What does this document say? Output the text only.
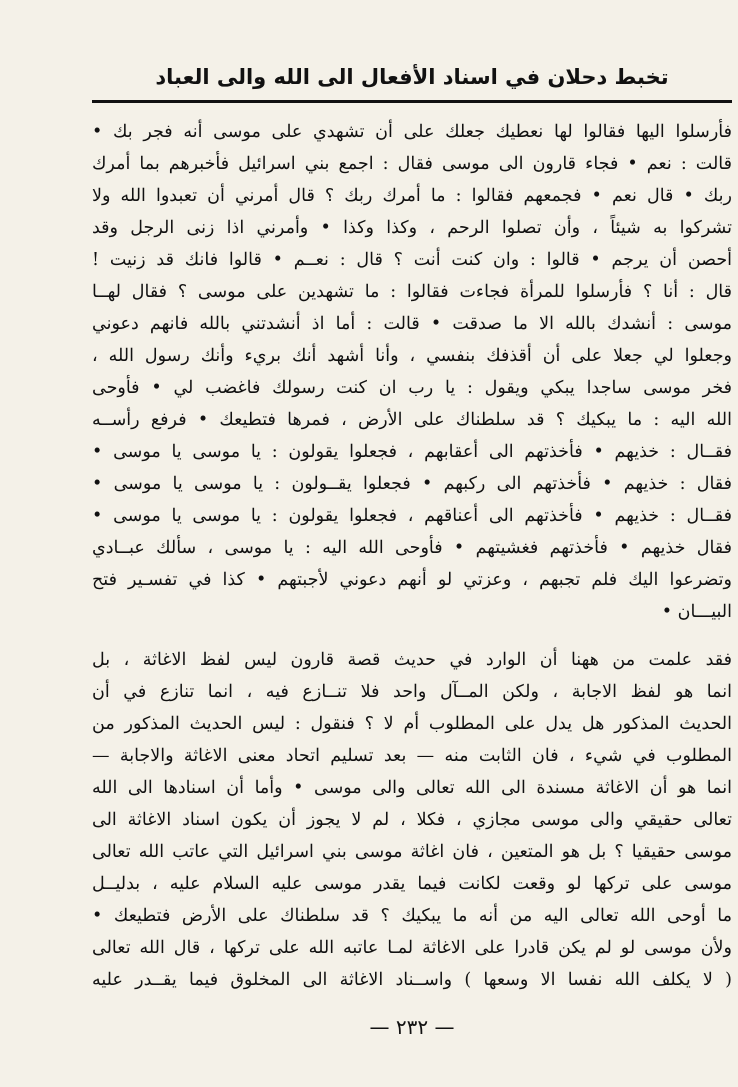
تخبط دحلان في اسناد الأفعال الى الله والى العباد
فأرسلوا اليها فقالوا لها نعطيك جعلك على أن تشهدي على موسى أنه فجر بك •
قالت : نعم • فجاء قارون الى موسى فقال : اجمع بني اسرائيل فأخبرهم بما أمرك
ربك • قال نعم • فجمعهم فقالوا : ما أمرك ربك ؟ قال أمرني أن تعبدوا الله ولا
تشركوا به شيئاً ، وأن تصلوا الرحم ، وكذا وكذا • وأمرني اذا زنى الرجل وقد
أحصن أن يرجم • قالوا : وان كنت أنت ؟ قال : نعــم • قالوا فانك قد زنيت !
قال : أنا ؟ فأرسلوا للمرأة فجاءت فقالوا : ما تشهدين على موسى ؟ فقال لهــا
موسى : أنشدك بالله الا ما صدقت • قالت : أما اذ أنشدتني بالله فانهم دعوني
وجعلوا لي جعلا على أن أقذفك بنفسي ، وأنا أشهد أنك بريء وأنك رسول الله ،
فخر موسى ساجدا يبكي ويقول : يا رب ان كنت رسولك فاغضب لي • فأوحى
الله اليه : ما يبكيك ؟ قد سلطناك على الأرض ، فمرها فتطيعك • فرفع رأســه
فقــال : خذيهم • فأخذتهم الى أعقابهم ، فجعلوا يقولون : يا موسى يا موسى •
فقال : خذيهم • فأخذتهم الى ركبهم • فجعلوا يقــولون : يا موسى يا موسى •
فقــال : خذيهم • فأخذتهم الى أعناقهم ، فجعلوا يقولون : يا موسى يا موسى •
فقال خذيهم • فأخذتهم فغشيتهم • فأوحى الله اليه : يا موسى ، سألك عبــادي
وتضرعوا اليك فلم تجبهم ، وعزتي لو أنهم دعوني لأجبتهم • كذا في تفسـير فتح
البيـــان •
فقد علمت من ههنا أن الوارد في حديث قصة قارون ليس لفظ الاغاثة ، بل
انما هو لفظ الاجابة ، ولكن المــآل واحد فلا تنــازع فيه ، انما تنازع في أن
الحديث المذكور هل يدل على المطلوب أم لا ؟ فنقول : ليس الحديث المذكور من
المطلوب في شيء ، فان الثابت منه — بعد تسليم اتحاد معنى الاغاثة والاجابة —
انما هو أن الاغاثة مسندة الى الله تعالى والى موسى • وأما أن اسنادها الى الله
تعالى حقيقي والى موسى مجازي ، فكلا ، لم لا يجوز أن يكون اسناد الاغاثة الى
موسى حقيقيا ؟ بل هو المتعين ، فان اغاثة موسى بني اسرائيل التي عاتب الله تعالى
موسى على تركها لو وقعت لكانت فيما يقدر موسى عليه السلام عليه ، بدليــل
ما أوحى الله تعالى اليه من أنه ما يبكيك ؟ قد سلطناك على الأرض فتطيعك •
ولأن موسى لو لم يكن قادرا على الاغاثة لمـا عاتبه الله على تركها ، قال الله تعالى
( لا يكلف الله نفسا الا وسعها ) واســناد الاغاثة الى المخلوق فيما يقــدر عليه
— ٢٣٢ —
